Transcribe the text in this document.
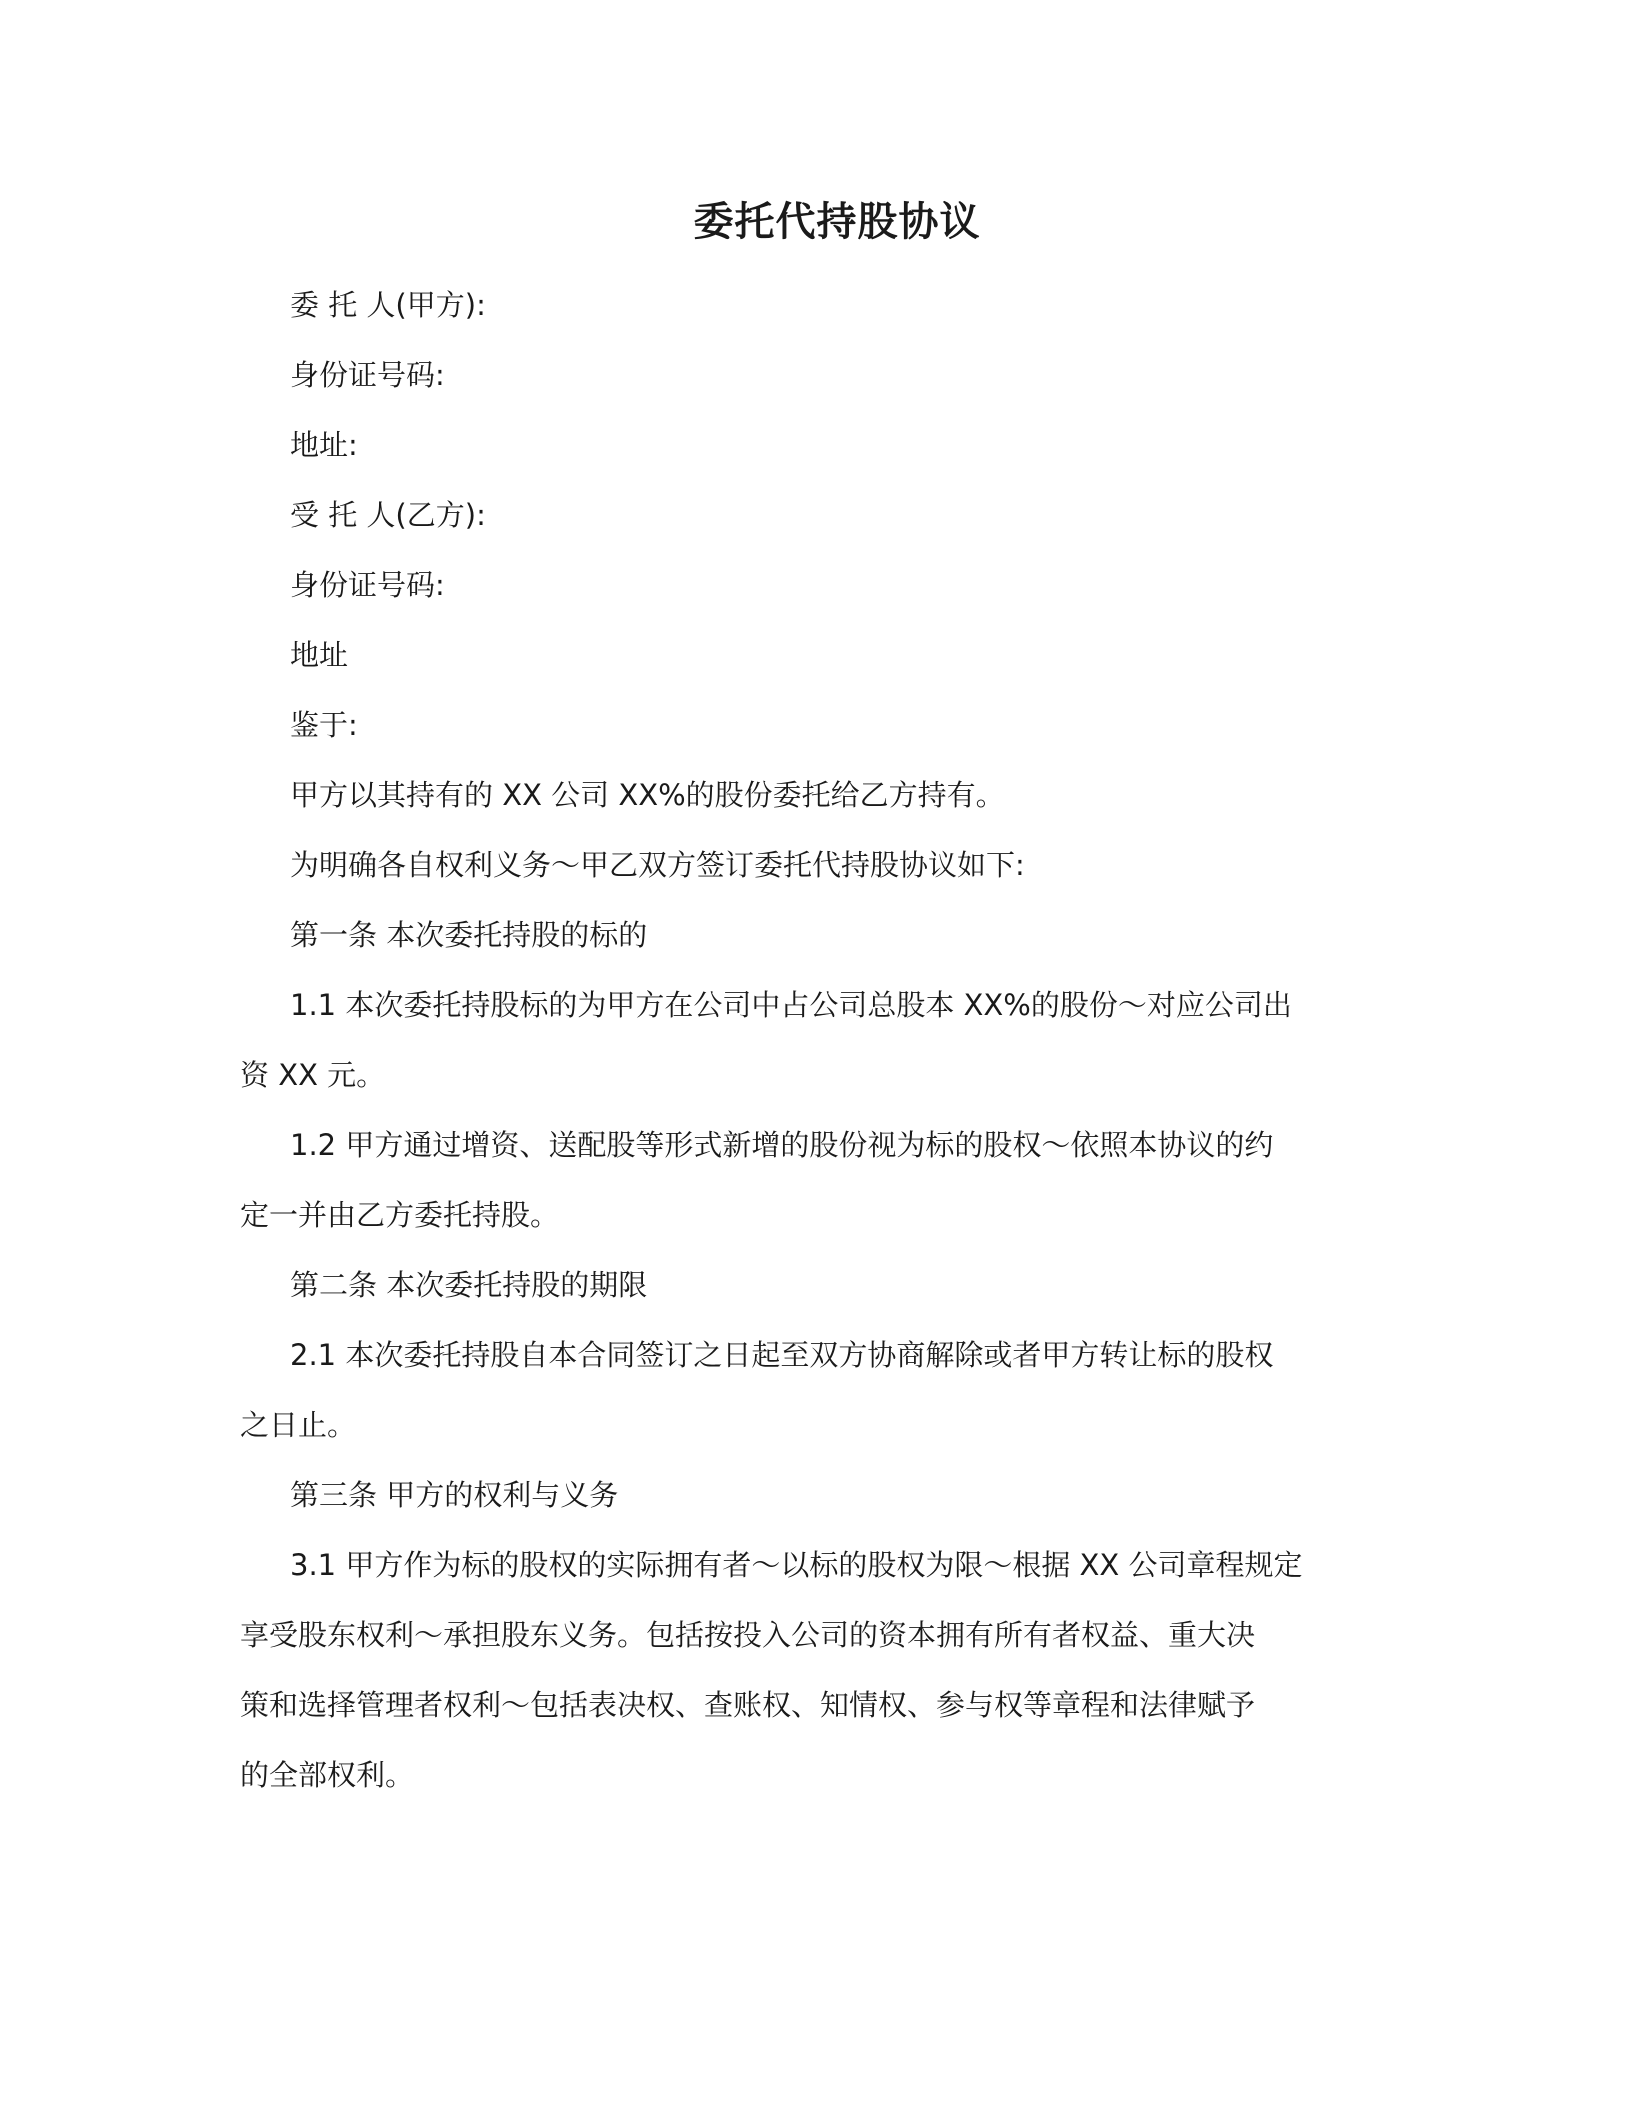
委托代持股协议
委 托 人(甲方):
身份证号码:
地址:
受 托 人(乙方):
身份证号码:
地址
鉴于:
甲方以其持有的 XX 公司 XX%的股份委托给乙方持有。
为明确各自权利义务～甲乙双方签订委托代持股协议如下:
第一条 本次委托持股的标的
1.1 本次委托持股标的为甲方在公司中占公司总股本 XX%的股份～对应公司出
资 XX 元。
1.2 甲方通过增资、送配股等形式新增的股份视为标的股权～依照本协议的约
定一并由乙方委托持股。
第二条 本次委托持股的期限
2.1 本次委托持股自本合同签订之日起至双方协商解除或者甲方转让标的股权
之日止。
第三条 甲方的权利与义务
3.1 甲方作为标的股权的实际拥有者～以标的股权为限～根据 XX 公司章程规定
享受股东权利～承担股东义务。包括按投入公司的资本拥有所有者权益、重大决
策和选择管理者权利～包括表决权、查账权、知情权、参与权等章程和法律赋予
的全部权利。
